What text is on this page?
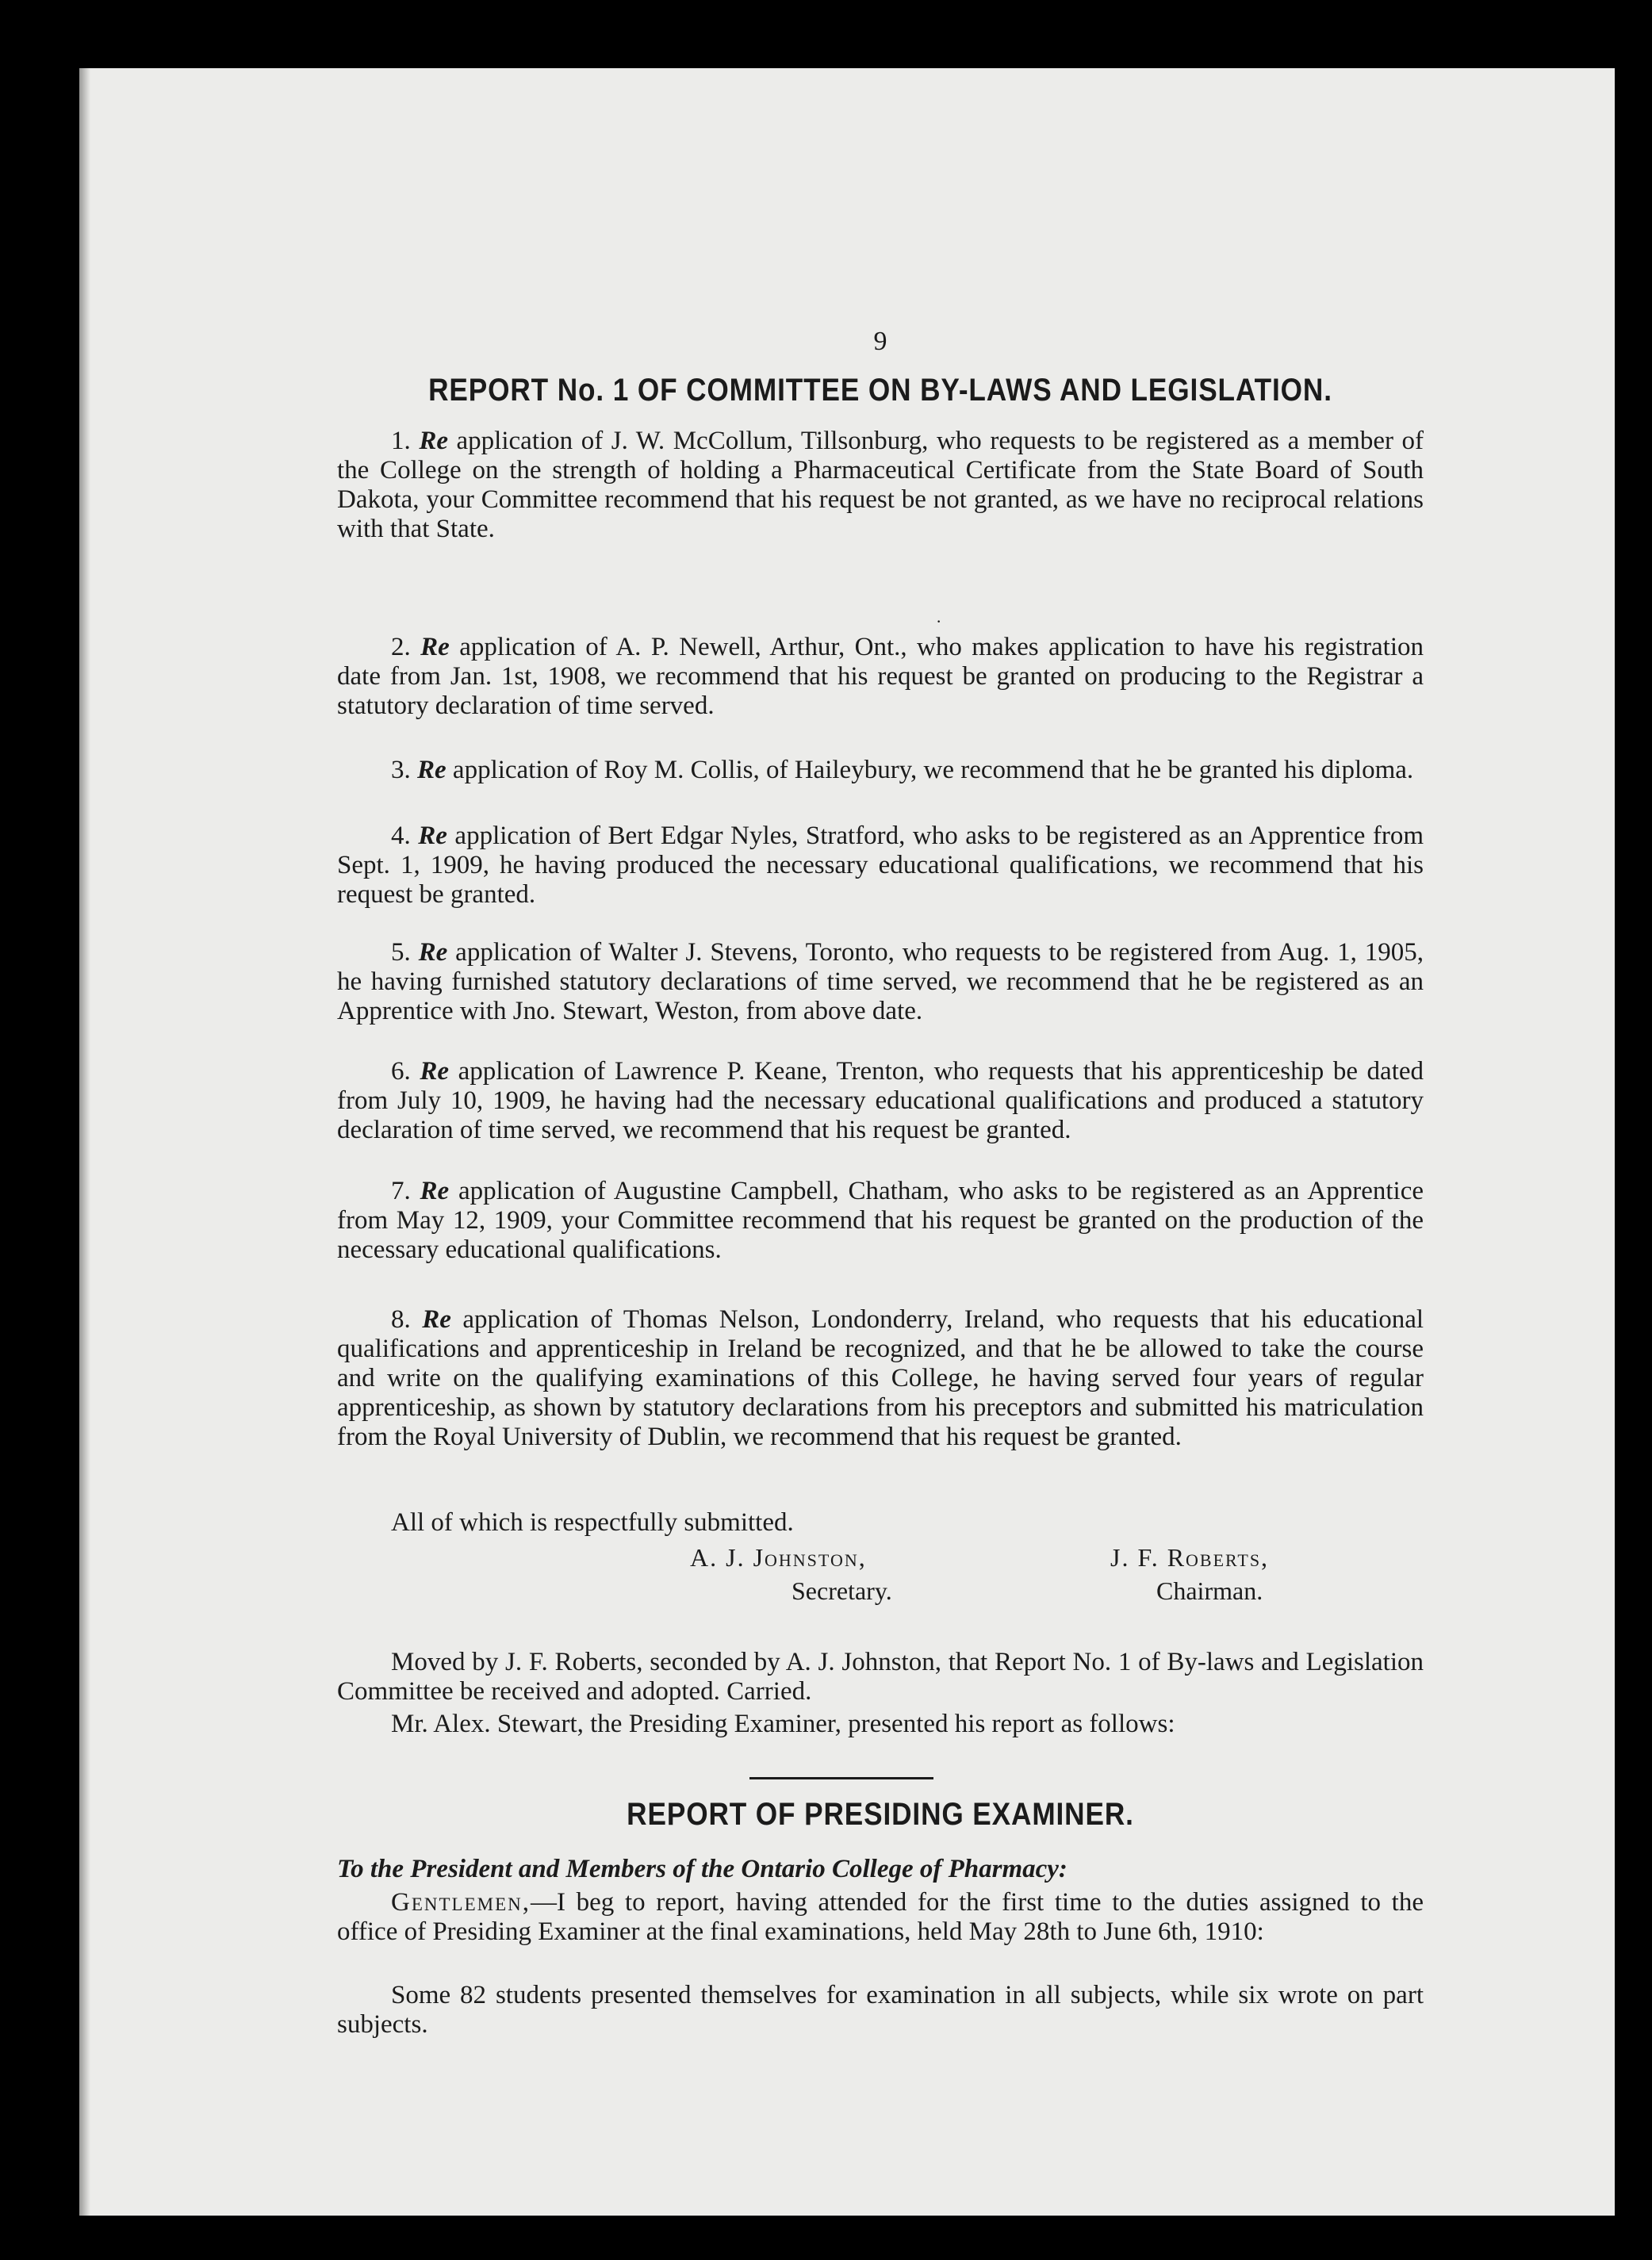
9
REPORT No. 1 OF COMMITTEE ON BY-LAWS AND LEGISLATION.

1. Re application of J. W. McCollum, Tillsonburg, who requests to be registered as a member of the College on the strength of holding a Pharmaceutical Certificate from the State Board of South Dakota, your Committee recommend that his request be not granted, as we have no reciprocal relations with that State.

·

2. Re application of A. P. Newell, Arthur, Ont., who makes application to have his registration date from Jan. 1st, 1908, we recommend that his request be granted on producing to the Registrar a statutory declaration of time served.

3. Re application of Roy M. Collis, of Haileybury, we recommend that he be granted his diploma.

4. Re application of Bert Edgar Nyles, Stratford, who asks to be registered as an Apprentice from Sept. 1, 1909, he having produced the necessary educational qualifications, we recommend that his request be granted.

5. Re application of Walter J. Stevens, Toronto, who requests to be registered from Aug. 1, 1905, he having furnished statutory declarations of time served, we recommend that he be registered as an Apprentice with Jno. Stewart, Weston, from above date.

6. Re application of Lawrence P. Keane, Trenton, who requests that his apprenticeship be dated from July 10, 1909, he having had the necessary educational qualifications and produced a statutory declaration of time served, we recommend that his request be granted.

7. Re application of Augustine Campbell, Chatham, who asks to be registered as an Apprentice from May 12, 1909, your Committee recommend that his request be granted on the production of the necessary educational qualifications.

8. Re application of Thomas Nelson, Londonderry, Ireland, who requests that his educational qualifications and apprenticeship in Ireland be recognized, and that he be allowed to take the course and write on the qualifying examinations of this College, he having served four years of regular apprenticeship, as shown by statutory declarations from his preceptors and submitted his matriculation from the Royal University of Dublin, we recommend that his request be granted.

All of which is respectfully submitted.

A. J. Johnston,
Secretary.
J. F. Roberts,
Chairman.

Moved by J. F. Roberts, seconded by A. J. Johnston, that Report No. 1 of By-laws and Legislation Committee be received and adopted. Carried.

Mr. Alex. Stewart, the Presiding Examiner, presented his report as follows:

REPORT OF PRESIDING EXAMINER.

To the President and Members of the Ontario College of Pharmacy:

Gentlemen,—I beg to report, having attended for the first time to the duties assigned to the office of Presiding Examiner at the final examinations, held May 28th to June 6th, 1910:

Some 82 students presented themselves for examination in all subjects, while six wrote on part subjects.
